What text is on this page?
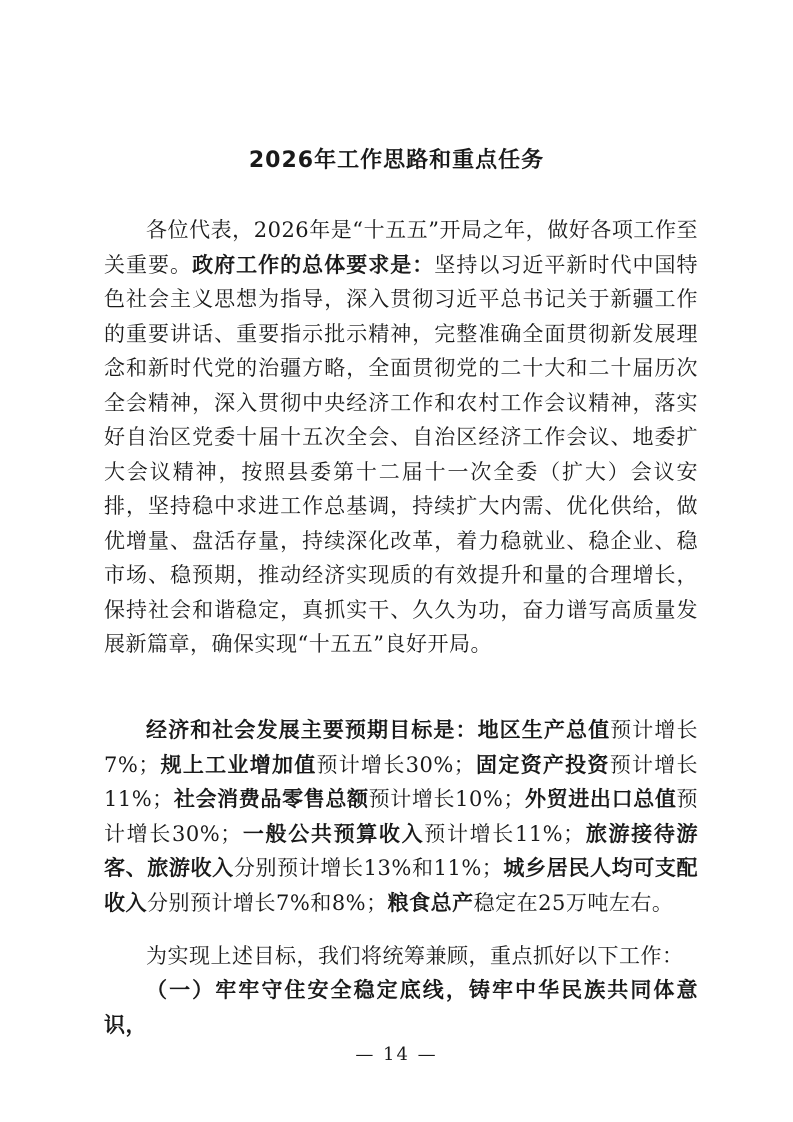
2026年工作思路和重点任务

各位代表，2026年是“十五五”开局之年，做好各项工作至关重要。政府工作的总体要求是：坚持以习近平新时代中国特色社会主义思想为指导，深入贯彻习近平总书记关于新疆工作的重要讲话、重要指示批示精神，完整准确全面贯彻新发展理念和新时代党的治疆方略，全面贯彻党的二十大和二十届历次全会精神，深入贯彻中央经济工作和农村工作会议精神，落实好自治区党委十届十五次全会、自治区经济工作会议、地委扩大会议精神，按照县委第十二届十一次全委（扩大）会议安排，坚持稳中求进工作总基调，持续扩大内需、优化供给，做优增量、盘活存量，持续深化改革，着力稳就业、稳企业、稳市场、稳预期，推动经济实现质的有效提升和量的合理增长，保持社会和谐稳定，真抓实干、久久为功，奋力谱写高质量发展新篇章，确保实现“十五五”良好开局。

经济和社会发展主要预期目标是：地区生产总值预计增长7%；规上工业增加值预计增长30%；固定资产投资预计增长11%；社会消费品零售总额预计增长10%；外贸进出口总值预计增长30%；一般公共预算收入预计增长11%；旅游接待游客、旅游收入分别预计增长13%和11%；城乡居民人均可支配收入分别预计增长7%和8%；粮食总产稳定在25万吨左右。

为实现上述目标，我们将统筹兼顾，重点抓好以下工作：

（一）牢牢守住安全稳定底线，铸牢中华民族共同体意识，

— 14 —
